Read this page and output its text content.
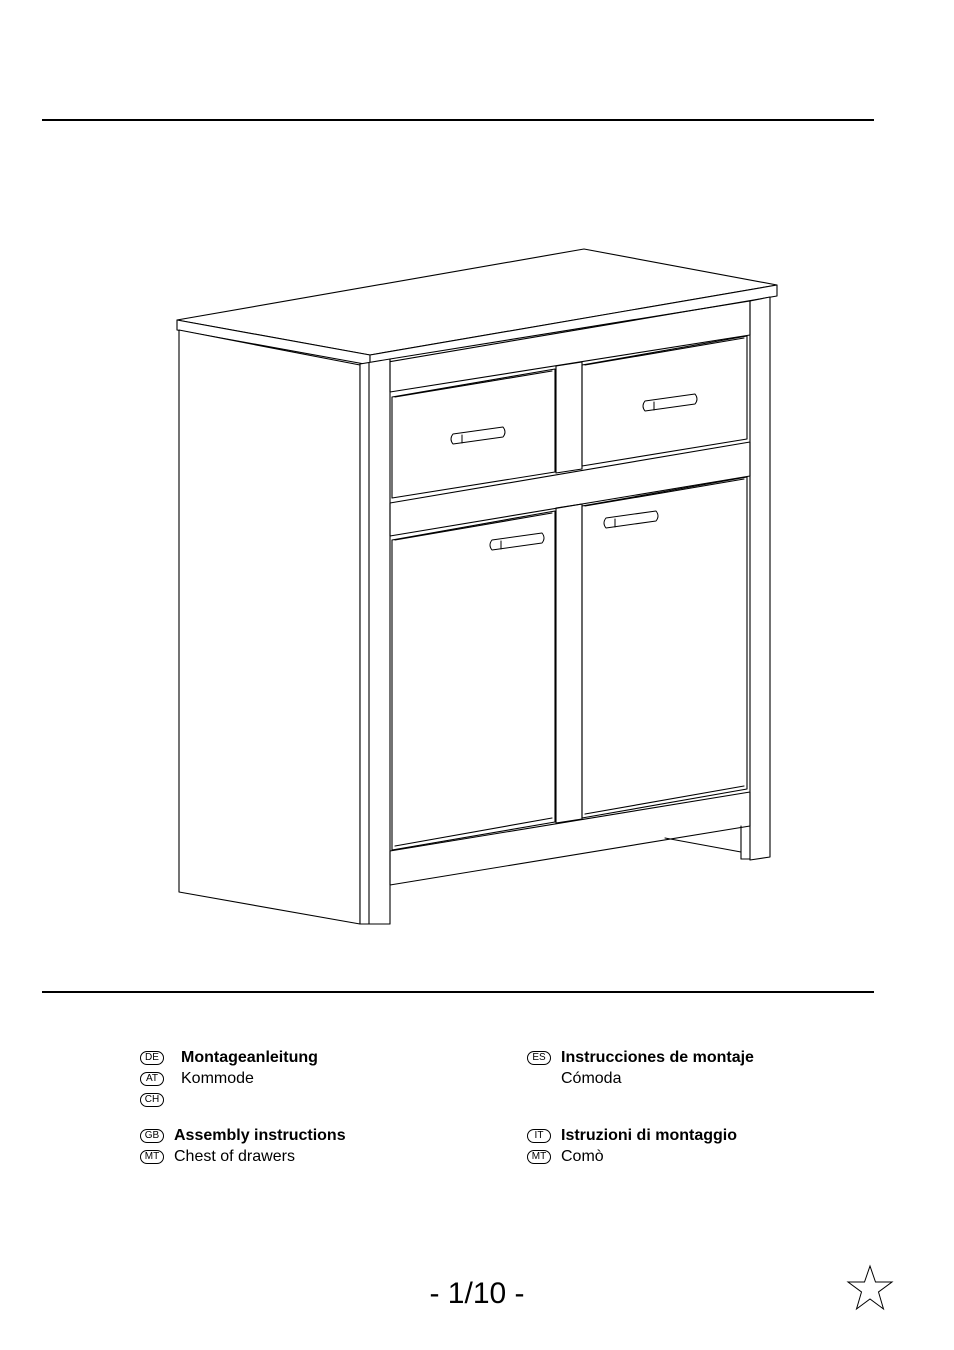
DE	Montageanleitung
AT	Kommode
CH
ES Instrucciones de montaje
Cómoda
GB Assembly instructions
MT Chest of drawers
IT	Istruzioni di montaggio
MT Comò
- 1/10 -
